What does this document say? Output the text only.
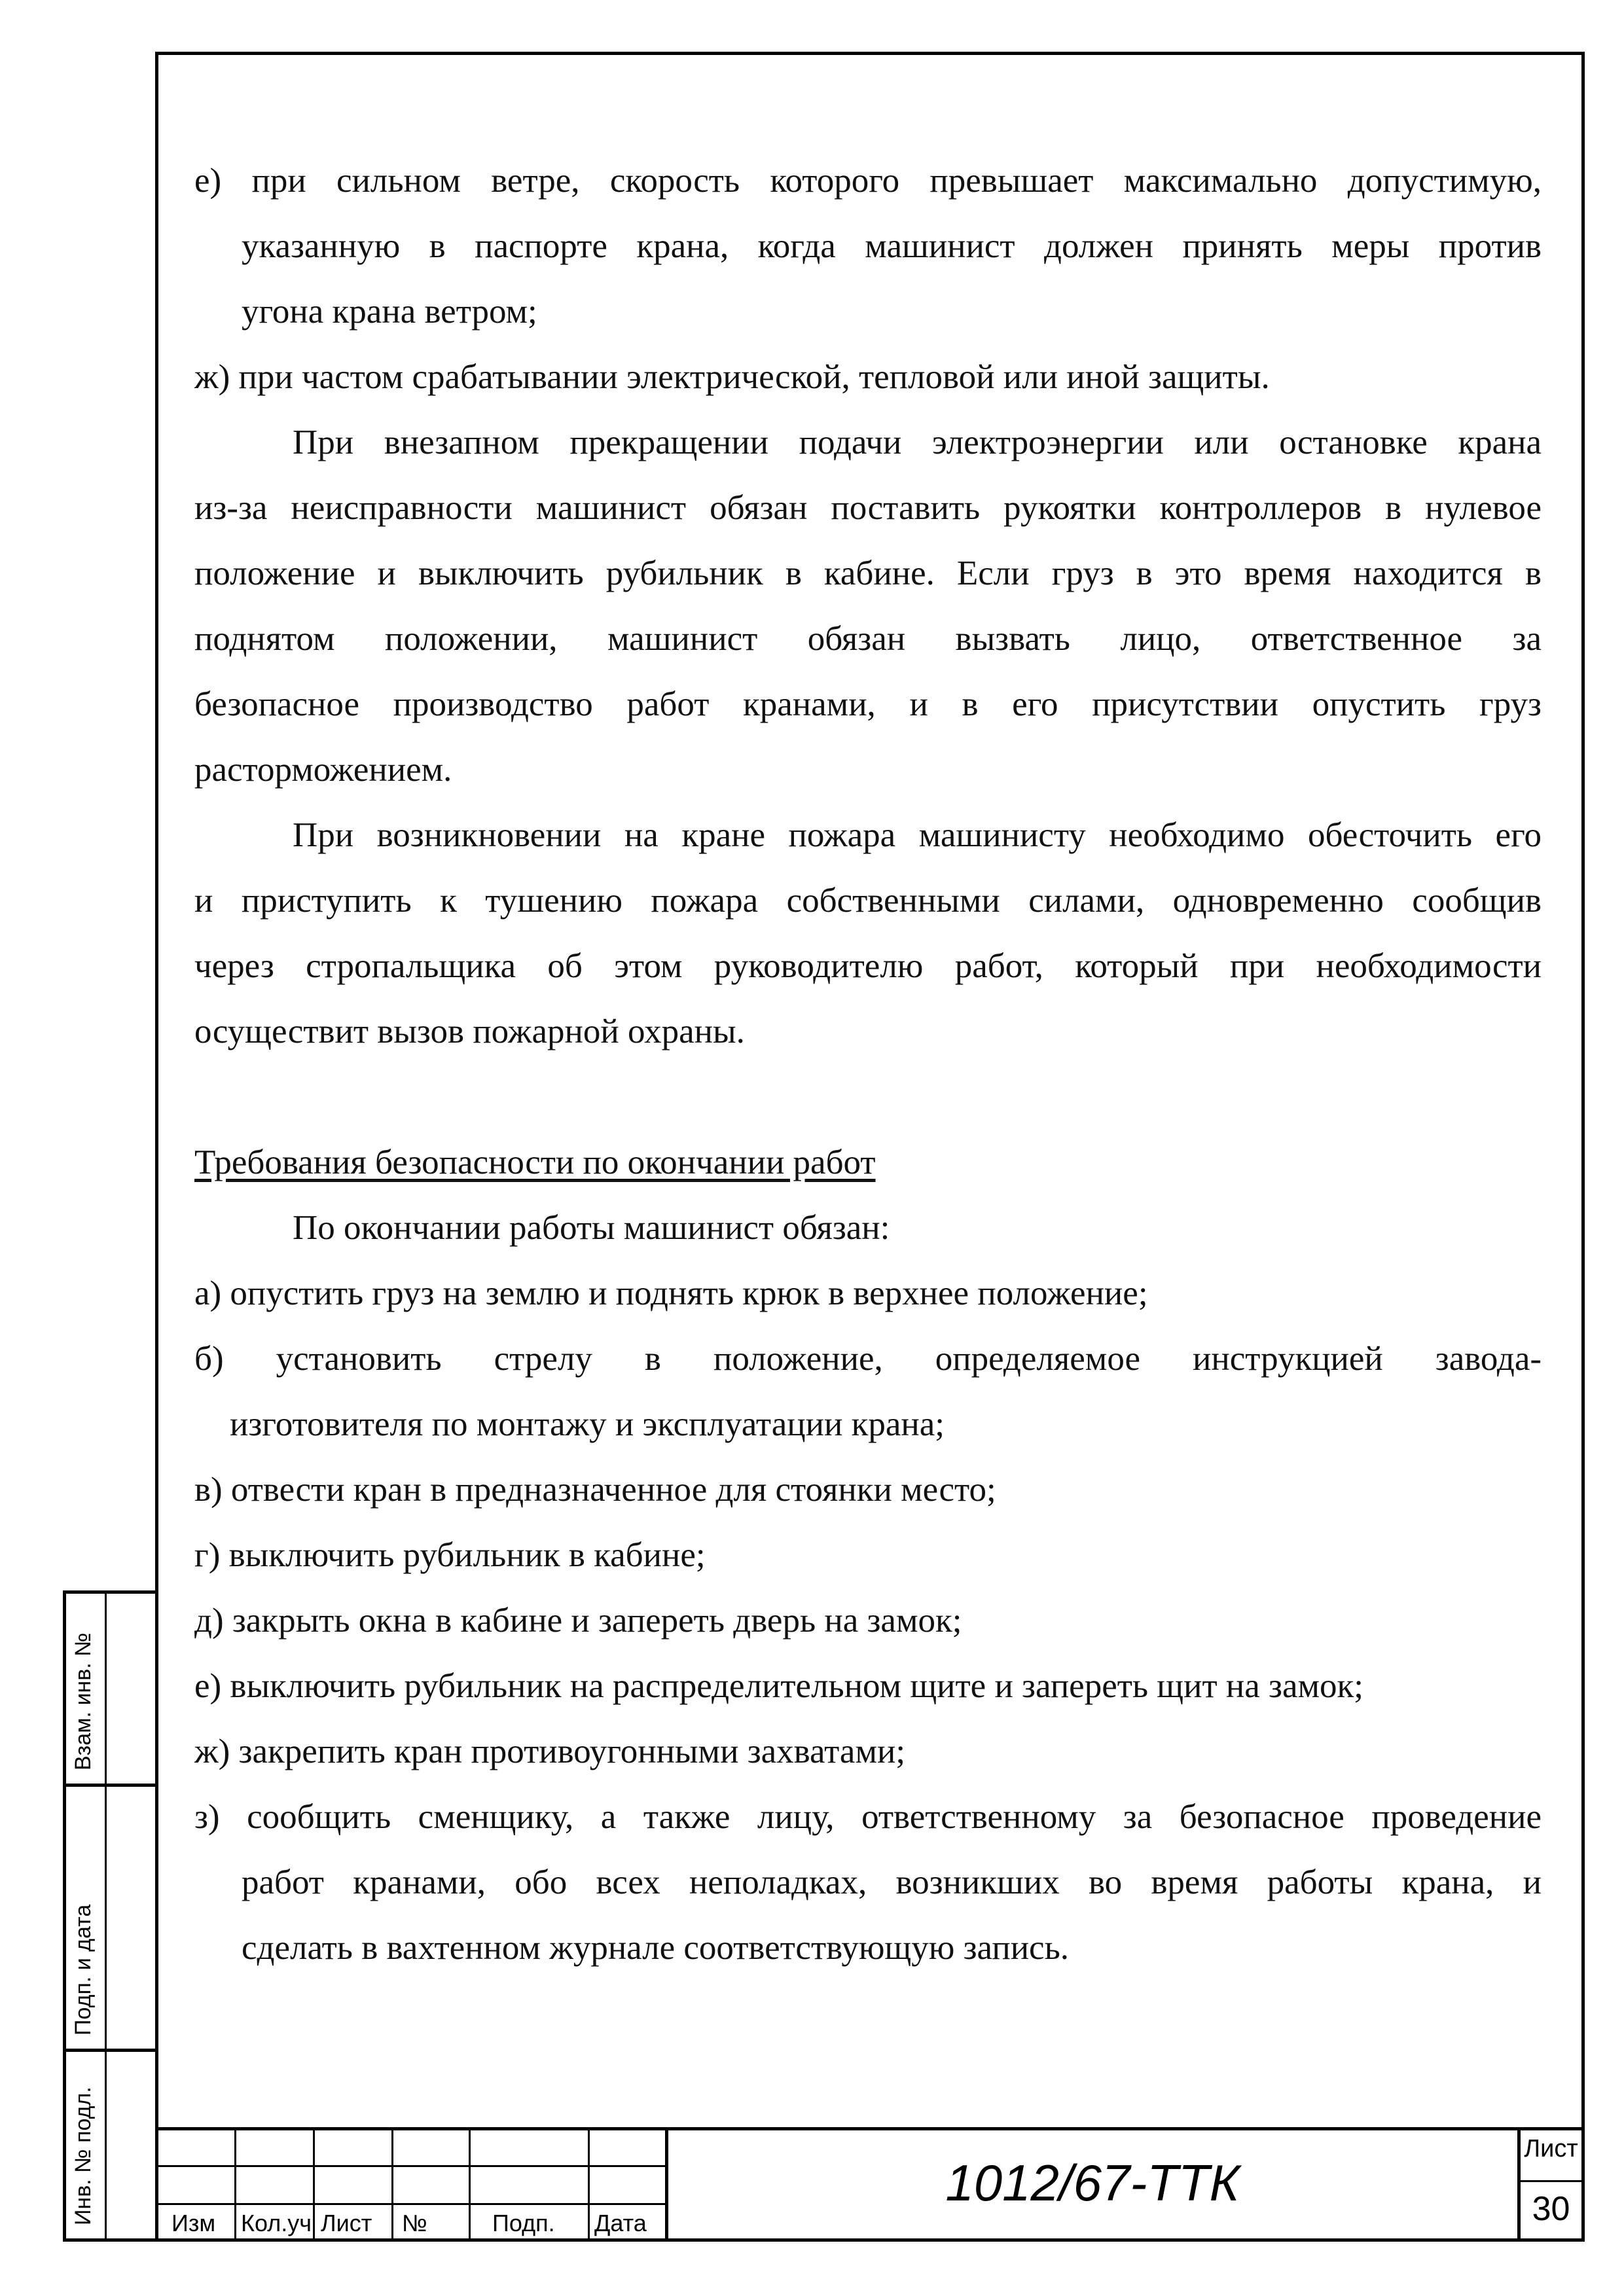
е) при сильном ветре, скорость которого превышает максимально допустимую,
указанную в паспорте крана, когда машинист должен принять меры против
угона крана ветром;
ж) при частом срабатывании электрической, тепловой или иной защиты.
При внезапном прекращении подачи электроэнергии или остановке крана
из-за неисправности машинист обязан поставить рукоятки контроллеров в нулевое
положение и выключить рубильник в кабине. Если груз в это время находится в
поднятом положении, машинист обязан вызвать лицо, ответственное за
безопасное производство работ кранами, и в его присутствии опустить груз
расторможением.
При возникновении на кране пожара машинисту необходимо обесточить его
и приступить к тушению пожара собственными силами, одновременно сообщив
через стропальщика об этом руководителю работ, который при необходимости
осуществит вызов пожарной охраны.
Требования безопасности по окончании работ
По окончании работы машинист обязан:
а) опустить груз на землю и поднять крюк в верхнее положение;
б) установить стрелу в положение, определяемое инструкцией завода-
изготовителя по монтажу и эксплуатации крана;
в) отвести кран в предназначенное для стоянки место;
г) выключить рубильник в кабине;
д) закрыть окна в кабине и запереть дверь на замок;
е) выключить рубильник на распределительном щите и запереть щит на замок;
ж) закрепить кран противоугонными захватами;
з) сообщить сменщику, а также лицу, ответственному за безопасное проведение
работ кранами, обо всех неполадках, возникших во время работы крана, и
сделать в вахтенном журнале соответствующую запись.
Изм Кол.уч Лист №	Подп. Дата
1012/67-ТТК
Лист
30
Взам. инв. №
Подп. и дата
Инв. № подл.
